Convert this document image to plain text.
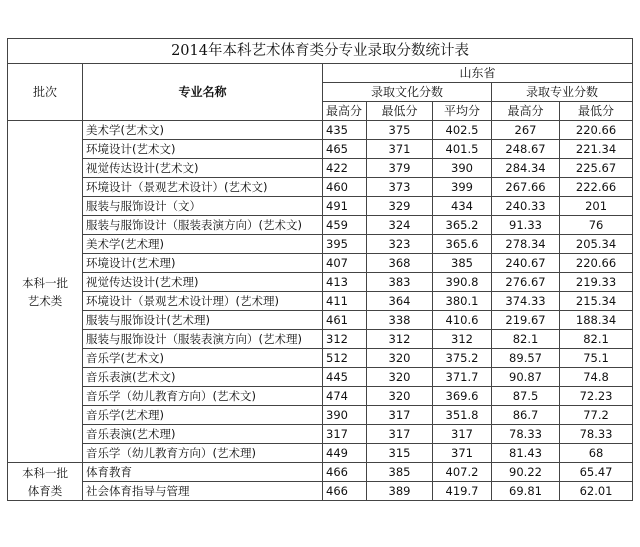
2014年本科艺术体育类分专业录取分数统计表						
批次	专业名称	山东省				
		录取文化分数			录取专业分数	
		最高分	最低分	平均分	最高分	最低分

本科一批
艺术类	美术学(艺术文)	435	375	402.5	267	220.66
	环境设计(艺术文)	465	371	401.5	248.67	221.34
	视觉传达设计(艺术文)	422	379	390	284.34	225.67
	环境设计（景观艺术设计）(艺术文)	460	373	399	267.66	222.66
	服装与服饰设计（文）	491	329	434	240.33	201
	服装与服饰设计（服装表演方向）(艺术文)	459	324	365.2	91.33	76
	美术学(艺术理)	395	323	365.6	278.34	205.34
	环境设计(艺术理)	407	368	385	240.67	220.66
	视觉传达设计(艺术理)	413	383	390.8	276.67	219.33
	环境设计（景观艺术设计理）(艺术理)	411	364	380.1	374.33	215.34
	服装与服饰设计(艺术理)	461	338	410.6	219.67	188.34
	服装与服饰设计（服装表演方向）(艺术理)	312	312	312	82.1	82.1
	音乐学(艺术文)	512	320	375.2	89.57	75.1
	音乐表演(艺术文)	445	320	371.7	90.87	74.8
	音乐学（幼儿教育方向）(艺术文)	474	320	369.6	87.5	72.23
	音乐学(艺术理)	390	317	351.8	86.7	77.2
	音乐表演(艺术理)	317	317	317	78.33	78.33
	音乐学（幼儿教育方向）(艺术理)	449	315	371	81.43	68

本科一批
体育类	体育教育	466	385	407.2	90.22	65.47
	社会体育指导与管理	466	389	419.7	69.81	62.01
